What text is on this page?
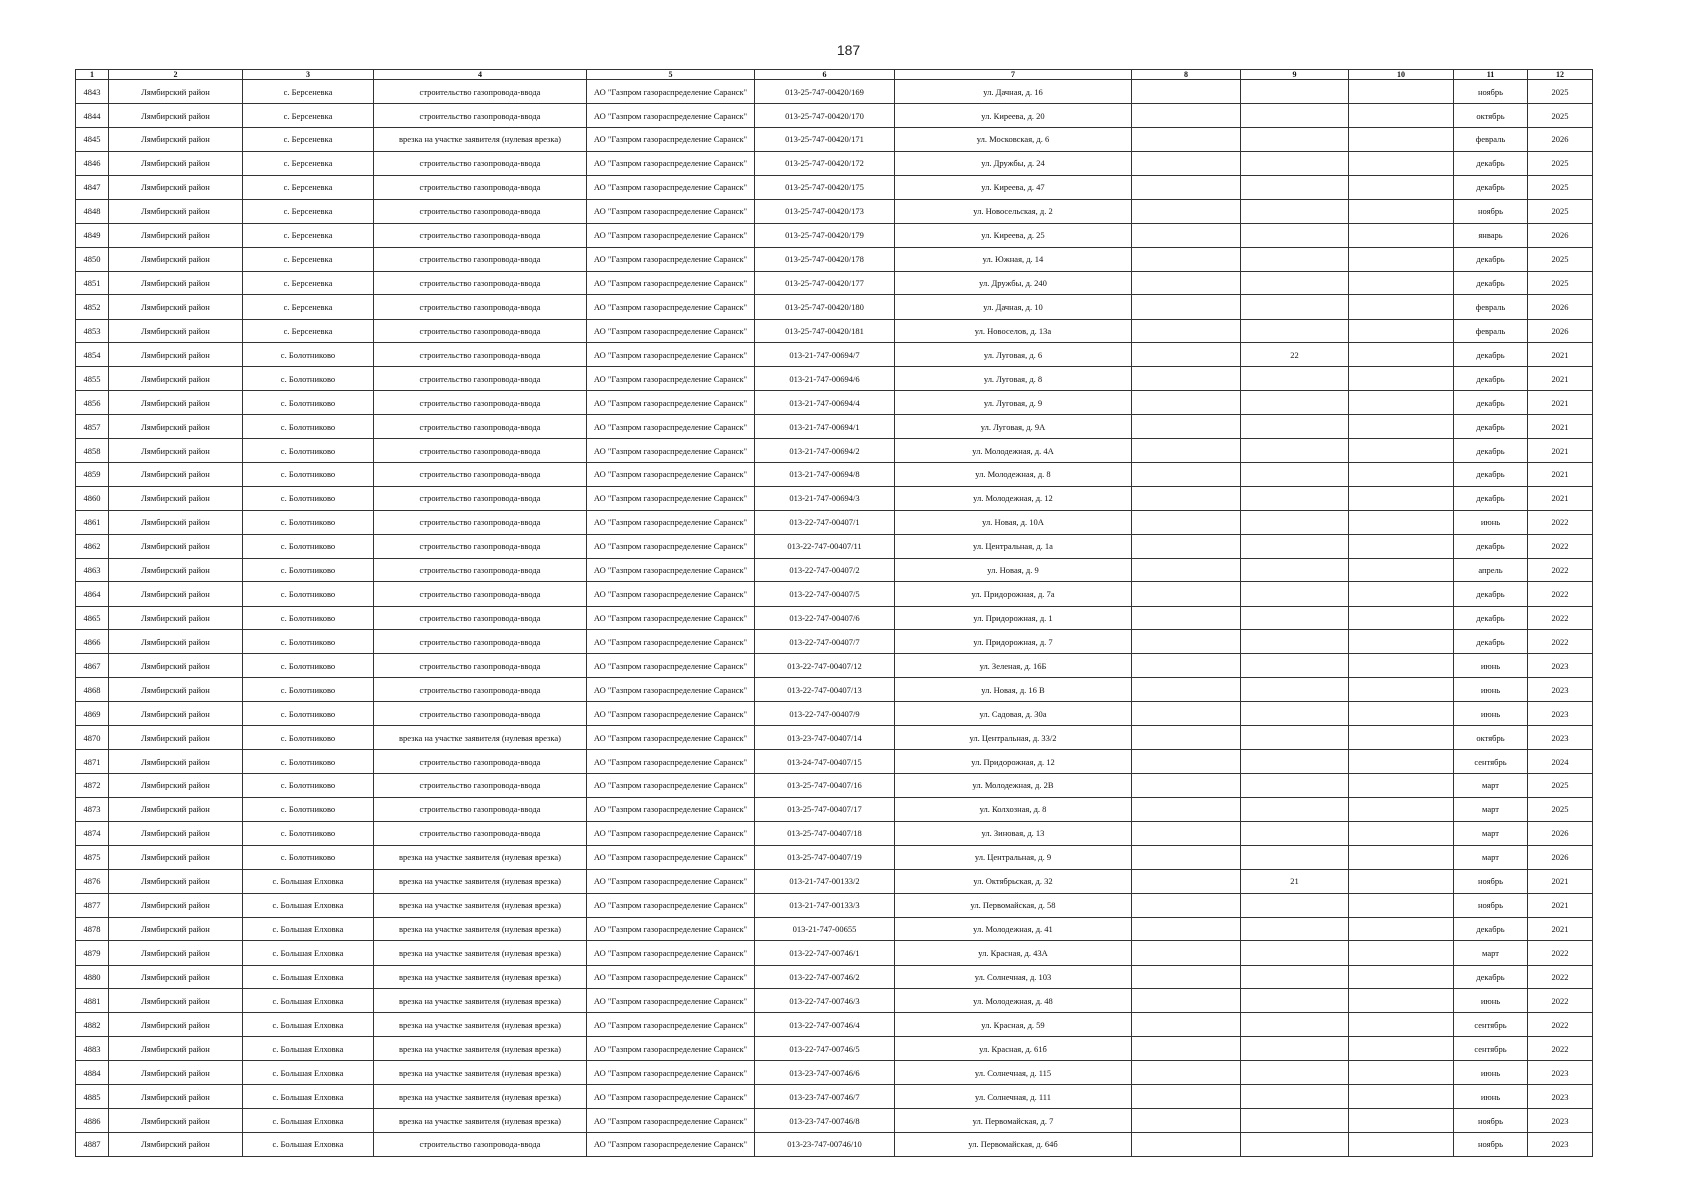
187
1	2	3	4	5	6	7	8	9	10	11	12
4843	Лямбирский район	с. Берсеневка	строительство газопровода-ввода	АО "Газпром газораспределение Саранск"	013-25-747-00420/169	ул. Дачная, д. 16				ноябрь	2025
4844	Лямбирский район	с. Берсеневка	строительство газопровода-ввода	АО "Газпром газораспределение Саранск"	013-25-747-00420/170	ул. Киреева, д. 20				октябрь	2025
4845	Лямбирский район	с. Берсеневка	врезка на участке заявителя (нулевая врезка)	АО "Газпром газораспределение Саранск"	013-25-747-00420/171	ул. Московская, д. 6				февраль	2026
4846	Лямбирский район	с. Берсеневка	строительство газопровода-ввода	АО "Газпром газораспределение Саранск"	013-25-747-00420/172	ул. Дружбы, д. 24				декабрь	2025
4847	Лямбирский район	с. Берсеневка	строительство газопровода-ввода	АО "Газпром газораспределение Саранск"	013-25-747-00420/175	ул. Киреева, д. 47				декабрь	2025
4848	Лямбирский район	с. Берсеневка	строительство газопровода-ввода	АО "Газпром газораспределение Саранск"	013-25-747-00420/173	ул. Новосельская, д. 2				ноябрь	2025
4849	Лямбирский район	с. Берсеневка	строительство газопровода-ввода	АО "Газпром газораспределение Саранск"	013-25-747-00420/179	ул. Киреева, д. 25				январь	2026
4850	Лямбирский район	с. Берсеневка	строительство газопровода-ввода	АО "Газпром газораспределение Саранск"	013-25-747-00420/178	ул. Южная, д. 14				декабрь	2025
4851	Лямбирский район	с. Берсеневка	строительство газопровода-ввода	АО "Газпром газораспределение Саранск"	013-25-747-00420/177	ул. Дружбы, д. 240				декабрь	2025
4852	Лямбирский район	с. Берсеневка	строительство газопровода-ввода	АО "Газпром газораспределение Саранск"	013-25-747-00420/180	ул. Дачная, д. 10				февраль	2026
4853	Лямбирский район	с. Берсеневка	строительство газопровода-ввода	АО "Газпром газораспределение Саранск"	013-25-747-00420/181	ул. Новоселов, д. 13а				февраль	2026
4854	Лямбирский район	с. Болотниково	строительство газопровода-ввода	АО "Газпром газораспределение Саранск"	013-21-747-00694/7	ул. Луговая, д. 6		22		декабрь	2021
4855	Лямбирский район	с. Болотниково	строительство газопровода-ввода	АО "Газпром газораспределение Саранск"	013-21-747-00694/6	ул. Луговая, д. 8				декабрь	2021
4856	Лямбирский район	с. Болотниково	строительство газопровода-ввода	АО "Газпром газораспределение Саранск"	013-21-747-00694/4	ул. Луговая, д. 9				декабрь	2021
4857	Лямбирский район	с. Болотниково	строительство газопровода-ввода	АО "Газпром газораспределение Саранск"	013-21-747-00694/1	ул. Луговая, д. 9А				декабрь	2021
4858	Лямбирский район	с. Болотниково	строительство газопровода-ввода	АО "Газпром газораспределение Саранск"	013-21-747-00694/2	ул. Молодежная, д. 4А				декабрь	2021
4859	Лямбирский район	с. Болотниково	строительство газопровода-ввода	АО "Газпром газораспределение Саранск"	013-21-747-00694/8	ул. Молодежная, д. 8				декабрь	2021
4860	Лямбирский район	с. Болотниково	строительство газопровода-ввода	АО "Газпром газораспределение Саранск"	013-21-747-00694/3	ул. Молодежная, д. 12				декабрь	2021
4861	Лямбирский район	с. Болотниково	строительство газопровода-ввода	АО "Газпром газораспределение Саранск"	013-22-747-00407/1	ул. Новая, д. 10А				июнь	2022
4862	Лямбирский район	с. Болотниково	строительство газопровода-ввода	АО "Газпром газораспределение Саранск"	013-22-747-00407/11	ул. Центральная, д. 1а				декабрь	2022
4863	Лямбирский район	с. Болотниково	строительство газопровода-ввода	АО "Газпром газораспределение Саранск"	013-22-747-00407/2	ул. Новая, д. 9				апрель	2022
4864	Лямбирский район	с. Болотниково	строительство газопровода-ввода	АО "Газпром газораспределение Саранск"	013-22-747-00407/5	ул. Придорожная, д. 7а				декабрь	2022
4865	Лямбирский район	с. Болотниково	строительство газопровода-ввода	АО "Газпром газораспределение Саранск"	013-22-747-00407/6	ул. Придорожная, д. 1				декабрь	2022
4866	Лямбирский район	с. Болотниково	строительство газопровода-ввода	АО "Газпром газораспределение Саранск"	013-22-747-00407/7	ул. Придорожная, д. 7				декабрь	2022
4867	Лямбирский район	с. Болотниково	строительство газопровода-ввода	АО "Газпром газораспределение Саранск"	013-22-747-00407/12	ул. Зеленая, д. 16Б				июнь	2023
4868	Лямбирский район	с. Болотниково	строительство газопровода-ввода	АО "Газпром газораспределение Саранск"	013-22-747-00407/13	ул. Новая, д. 16 В				июнь	2023
4869	Лямбирский район	с. Болотниково	строительство газопровода-ввода	АО "Газпром газораспределение Саранск"	013-22-747-00407/9	ул. Садовая, д. 30а				июнь	2023
4870	Лямбирский район	с. Болотниково	врезка на участке заявителя (нулевая врезка)	АО "Газпром газораспределение Саранск"	013-23-747-00407/14	ул. Центральная, д. 33/2				октябрь	2023
4871	Лямбирский район	с. Болотниково	строительство газопровода-ввода	АО "Газпром газораспределение Саранск"	013-24-747-00407/15	ул. Придорожная, д. 12				сентябрь	2024
4872	Лямбирский район	с. Болотниково	строительство газопровода-ввода	АО "Газпром газораспределение Саранск"	013-25-747-00407/16	ул. Молодежная, д. 2В				март	2025
4873	Лямбирский район	с. Болотниково	строительство газопровода-ввода	АО "Газпром газораспределение Саранск"	013-25-747-00407/17	ул. Колхозная, д. 8				март	2025
4874	Лямбирский район	с. Болотниково	строительство газопровода-ввода	АО "Газпром газораспределение Саранск"	013-25-747-00407/18	ул. Зиновая, д. 13				март	2026
4875	Лямбирский район	с. Болотниково	врезка на участке заявителя (нулевая врезка)	АО "Газпром газораспределение Саранск"	013-25-747-00407/19	ул. Центральная, д. 9				март	2026
4876	Лямбирский район	с. Большая Елховка	врезка на участке заявителя (нулевая врезка)	АО "Газпром газораспределение Саранск"	013-21-747-00133/2	ул. Октябрьская, д. 32		21		ноябрь	2021
4877	Лямбирский район	с. Большая Елховка	врезка на участке заявителя (нулевая врезка)	АО "Газпром газораспределение Саранск"	013-21-747-00133/3	ул. Первомайская, д. 58				ноябрь	2021
4878	Лямбирский район	с. Большая Елховка	врезка на участке заявителя (нулевая врезка)	АО "Газпром газораспределение Саранск"	013-21-747-00655	ул. Молодежная, д. 41				декабрь	2021
4879	Лямбирский район	с. Большая Елховка	врезка на участке заявителя (нулевая врезка)	АО "Газпром газораспределение Саранск"	013-22-747-00746/1	ул. Красная, д. 43А				март	2022
4880	Лямбирский район	с. Большая Елховка	врезка на участке заявителя (нулевая врезка)	АО "Газпром газораспределение Саранск"	013-22-747-00746/2	ул. Солнечная, д. 103				декабрь	2022
4881	Лямбирский район	с. Большая Елховка	врезка на участке заявителя (нулевая врезка)	АО "Газпром газораспределение Саранск"	013-22-747-00746/3	ул. Молодежная, д. 48				июнь	2022
4882	Лямбирский район	с. Большая Елховка	врезка на участке заявителя (нулевая врезка)	АО "Газпром газораспределение Саранск"	013-22-747-00746/4	ул. Красная, д. 59				сентябрь	2022
4883	Лямбирский район	с. Большая Елховка	врезка на участке заявителя (нулевая врезка)	АО "Газпром газораспределение Саранск"	013-22-747-00746/5	ул. Красная, д. 61б				сентябрь	2022
4884	Лямбирский район	с. Большая Елховка	врезка на участке заявителя (нулевая врезка)	АО "Газпром газораспределение Саранск"	013-23-747-00746/6	ул. Солнечная, д. 115				июнь	2023
4885	Лямбирский район	с. Большая Елховка	врезка на участке заявителя (нулевая врезка)	АО "Газпром газораспределение Саранск"	013-23-747-00746/7	ул. Солнечная, д. 111				июнь	2023
4886	Лямбирский район	с. Большая Елховка	врезка на участке заявителя (нулевая врезка)	АО "Газпром газораспределение Саранск"	013-23-747-00746/8	ул. Первомайская, д. 7				ноябрь	2023
4887	Лямбирский район	с. Большая Елховка	строительство газопровода-ввода	АО "Газпром газораспределение Саранск"	013-23-747-00746/10	ул. Первомайская, д. 64б				ноябрь	2023
